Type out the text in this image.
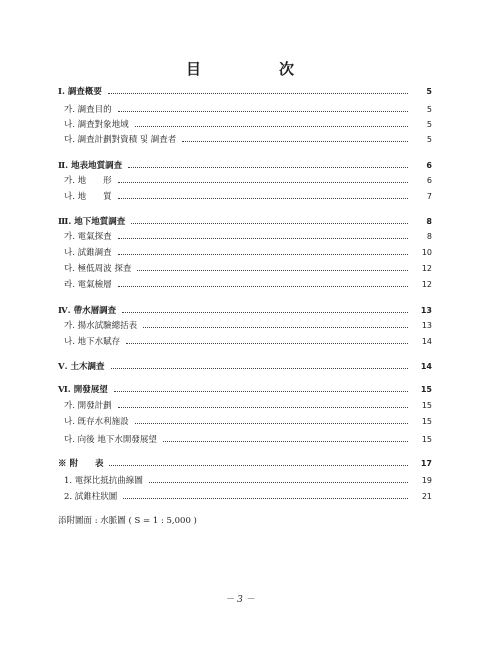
目	次
Ⅰ. 調査槪要	5
가. 調査目的	5
나. 調査對象地域	5
다. 調査計劃對資積 및 調査者	5
Ⅱ. 地表地質調査	6
가. 地　　形	6
나. 地　　質	7
Ⅲ. 地下地質調査	8
가. 電氣探査	8
나. 試錐調査	10
다. 極低周波 探査	12
라. 電氣檢層	12
Ⅳ. 帶水層調査	13
가. 揚水試驗總括表	13
나. 地下水賦存	14
Ⅴ. 土木調査	14
Ⅵ. 開發展望	15
가. 開發計劃	15
나. 旣存水利施設	15
다. 向後 地下水開發展望	15
※ 附　　表	17
1. 電探比抵抗曲線圖	19
2. 試錐柱狀圖	21
添附圖面 : 水脈圖 ( S = 1 : 5,000 )
－ 3 －
